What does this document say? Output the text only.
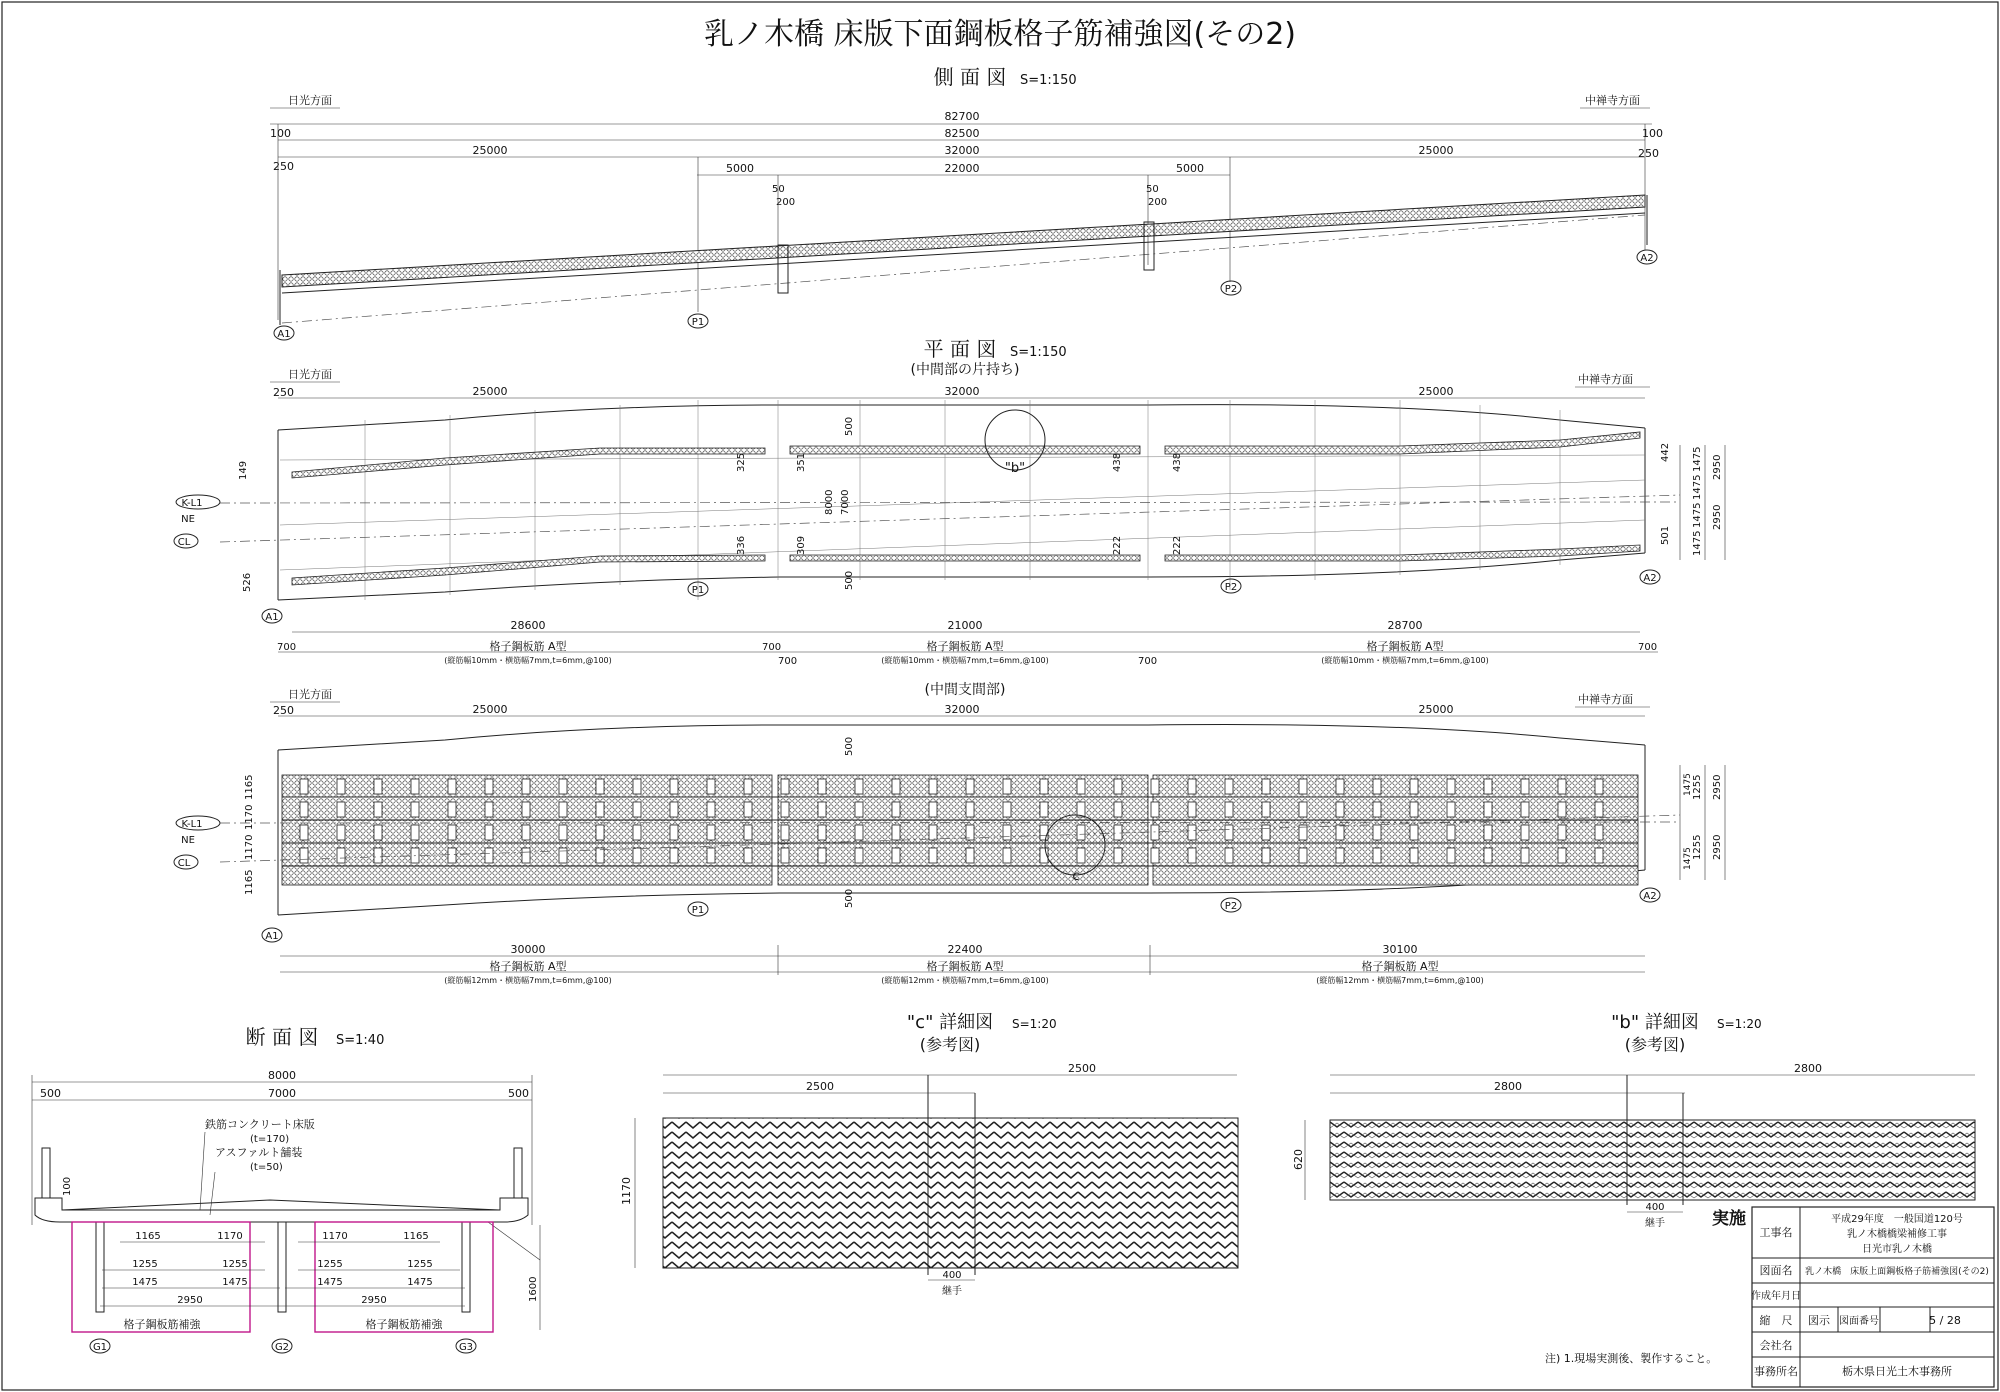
乳ノ木橋 床版下面鋼板格子筋補強図(その2)
側 面 図 S=1:150
日光方面	中禅寺方面
82700
82500
100	100
250
250
25000	32000	25000
5000	22000	5000
50
200
50
200
A1
P1
P2
A2
平 面 図 S=1:150
(中間部の片持ち)
日光方面	中禅寺方面
250	25000	32000	25000
"b"
149
526
325
336
351
309
8000 7000
500
500
438
222
438
222
442 1475
1475
1475
1475
2950
2950
501
K-L1
NE
CL
A1
P1	P2
A2
28600	21000	28700
700	700
700	700
700
格子鋼板筋 A型	格子鋼板筋 A型	格子鋼板筋 A型
(縦筋幅10mm・横筋幅7mm,t=6mm,@100)	(縦筋幅10mm・横筋幅7mm,t=6mm,@100)	(縦筋幅10mm・横筋幅7mm,t=6mm,@100)
(中間支間部)
日光方面	中禅寺方面
250	25000	32000	25000
c
500
500
1165
1170
1170
1165
1255
1255
2950
2950
1475
1475
K-L1
NE
CL
A1
P1	P2
A2
30000	22400	30100
格子鋼板筋 A型	格子鋼板筋 A型	格子鋼板筋 A型
(縦筋幅12mm・横筋幅7mm,t=6mm,@100)	(縦筋幅12mm・横筋幅7mm,t=6mm,@100)	(縦筋幅12mm・横筋幅7mm,t=6mm,@100)
断 面 図 S=1:40
8000
500	7000	500
鉄筋コンクリート床版
(t=170)
アスファルト舗装
(t=50)
100
1600
格子鋼板筋補強	格子鋼板筋補強
1165	1170	1170	1165
1255	1255	1255	1255
1475	1475	1475	1475
2950	2950
G1	G2	G3
"c" 詳細図 S=1:20
(参考図)
2500
2500
1170
400
継手
"b" 詳細図 S=1:20
(参考図)
2800
2800
620
400
継手	実施
注) 1.現場実測後、製作すること。
工事名
平成29年度　一般国道120号
乳ノ木橋橋梁補修工事
日光市乳ノ木橋
図面名 乳ノ木橋　床版上面鋼板格子筋補強図(その2)
作成年月日
縮　尺 図示 図面番号	5 / 28
会社名
事務所名	栃木県日光土木事務所
